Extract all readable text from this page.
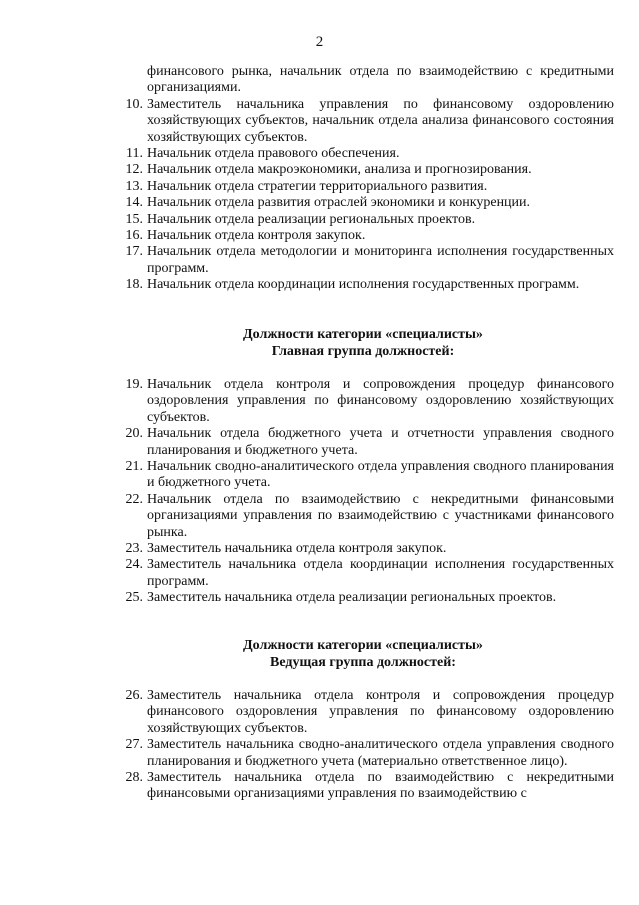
2
финансового рынка, начальник отдела по взаимодействию с кредитными организациями.
10. Заместитель начальника управления по финансовому оздоровлению хозяйствующих субъектов, начальник отдела анализа финансового состояния хозяйствующих субъектов.
11. Начальник отдела правового обеспечения.
12. Начальник отдела макроэкономики, анализа и прогнозирования.
13. Начальник отдела стратегии территориального развития.
14. Начальник отдела развития отраслей экономики и конкуренции.
15. Начальник отдела реализации региональных проектов.
16. Начальник отдела контроля закупок.
17. Начальник отдела методологии и мониторинга исполнения государственных программ.
18. Начальник отдела координации исполнения государственных программ.
Должности категории «специалисты»
Главная группа должностей:
19. Начальник отдела контроля и сопровождения процедур финансового оздоровления управления по финансовому оздоровлению хозяйствующих субъектов.
20. Начальник отдела бюджетного учета и отчетности управления сводного планирования и бюджетного учета.
21. Начальник сводно-аналитического отдела управления сводного планирования и бюджетного учета.
22. Начальник отдела по взаимодействию с некредитными финансовыми организациями управления по взаимодействию с участниками финансового рынка.
23. Заместитель начальника отдела контроля закупок.
24. Заместитель начальника отдела координации исполнения государственных программ.
25. Заместитель начальника отдела реализации региональных проектов.
Должности категории «специалисты»
Ведущая группа должностей:
26. Заместитель начальника отдела контроля и сопровождения процедур финансового оздоровления управления по финансовому оздоровлению хозяйствующих субъектов.
27. Заместитель начальника сводно-аналитического отдела управления сводного планирования и бюджетного учета (материально ответственное лицо).
28. Заместитель начальника отдела по взаимодействию с некредитными финансовыми организациями управления по взаимодействию с
